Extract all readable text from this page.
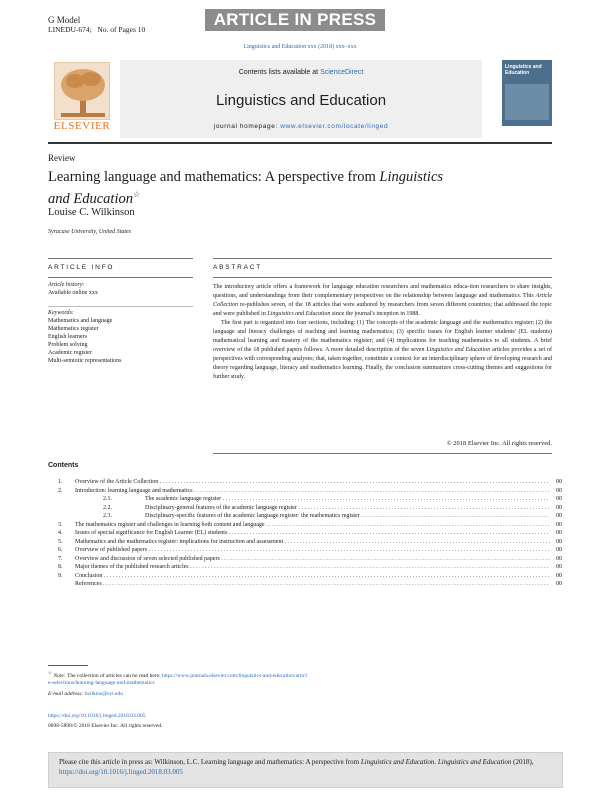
G Model
LINEDU-674; No. of Pages 10
ARTICLE IN PRESS
Linguistics and Education xxx (2018) xxx–xxx
ELSEVIER
Contents lists available at ScienceDirect
Linguistics and Education
journal homepage: www.elsevier.com/locate/linged
Linguistics and Education
Review
Learning language and mathematics: A perspective from Linguistics and Education☆
Louise C. Wilkinson
Syracuse University, United States
ARTICLE INFO
Article history:
Available online xxx
Keywords:
Mathematics and language
Mathematics register
English learners
Problem solving
Academic register
Multi-semiotic representations
ABSTRACT

The introductory article offers a framework for language education researchers and mathematics educa-tion researchers to share insights, questions, and understandings from their complementary perspectives on the relationship between language and mathematics. This Article Collection re-publishes seven, of the 18 articles that were authored by researchers from seven different countries; that addressed the topic and were published in Linguistics and Education since the journal's inception in 1988.

The first part is organized into four sections, including: (1) The concepts of the academic language and the mathematics register; (2) the language and literacy challenges of teaching and learning mathematics; (3) specific issues for English learner students' (EL students) mathematical learning and mastery of the mathematics register; and (4) implications for teaching mathematics to all students. A brief overview of the 18 published papers follows. A more detailed description of the seven Linguistics and Education articles provides a set of perspectives with corresponding analyses; that, taken together, constitute a context for an interdisciplinary sphere of developing research and theory regarding language, literacy and mathematics learning. Finally, the conclusion summarizes cross-cutting themes and suggestions for further study.

© 2018 Elsevier Inc. All rights reserved.
Contents
1. Overview of the Article Collection . . .	00
2. Introduction: learning language and mathematics . . .	00
2.1.	The academic language register . . .	00
2.2.	Disciplinary-general features of the academic language register . . .	00
2.3.	Disciplinary-specific features of the academic language register: the mathematics register . . .	00
3. The mathematics register and challenges in learning both content and language . . .	00
4. Issues of special significance for English Learner (EL) students . . .	00
5. Mathematics and the mathematics register: implications for instruction and assessment . . .	00
6. Overview of published papers . . .	00
7. Overview and discussion of seven selected published papers . . .	00
8. Major themes of the published research articles . . .	00
9. Conclusion . . .	00
References . . .	00
☆ Note: The collection of articles can be read here: https://www.journals.elsevier.com/linguistics-and-education/article-selections/learning-language-and-mathematics
E-mail address: lwilkins@syr.edu
https://doi.org/10.1016/j.linged.2018.03.005
0898-5898/© 2018 Elsevier Inc. All rights reserved.
Please cite this article in press as: Wilkinson, L.C. Learning language and mathematics: A perspective from Linguistics and Education. Linguistics and Education (2018), https://doi.org/10.1016/j.linged.2018.03.005
